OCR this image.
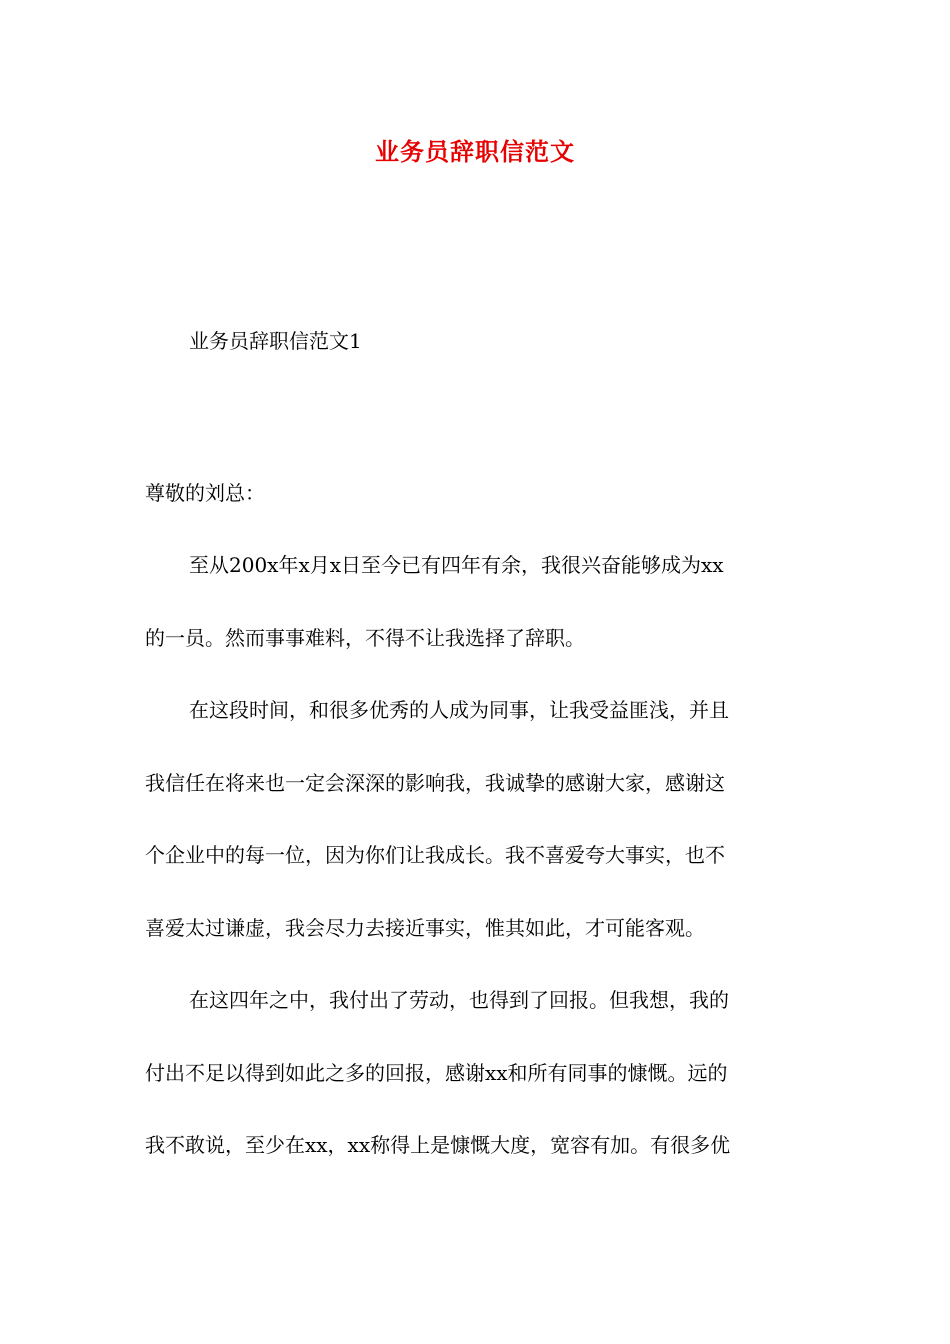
业务员辞职信范文
业务员辞职信范文1
尊敬的刘总：
至从200x年x月x日至今已有四年有余，我很兴奋能够成为xx
的一员。然而事事难料，不得不让我选择了辞职。
在这段时间，和很多优秀的人成为同事，让我受益匪浅，并且
我信任在将来也一定会深深的影响我，我诚挚的感谢大家，感谢这
个企业中的每一位，因为你们让我成长。我不喜爱夸大事实，也不
喜爱太过谦虚，我会尽力去接近事实，惟其如此，才可能客观。
在这四年之中，我付出了劳动，也得到了回报。但我想，我的
付出不足以得到如此之多的回报，感谢xx和所有同事的慷慨。远的
我不敢说，至少在xx，xx称得上是慷慨大度，宽容有加。有很多优
